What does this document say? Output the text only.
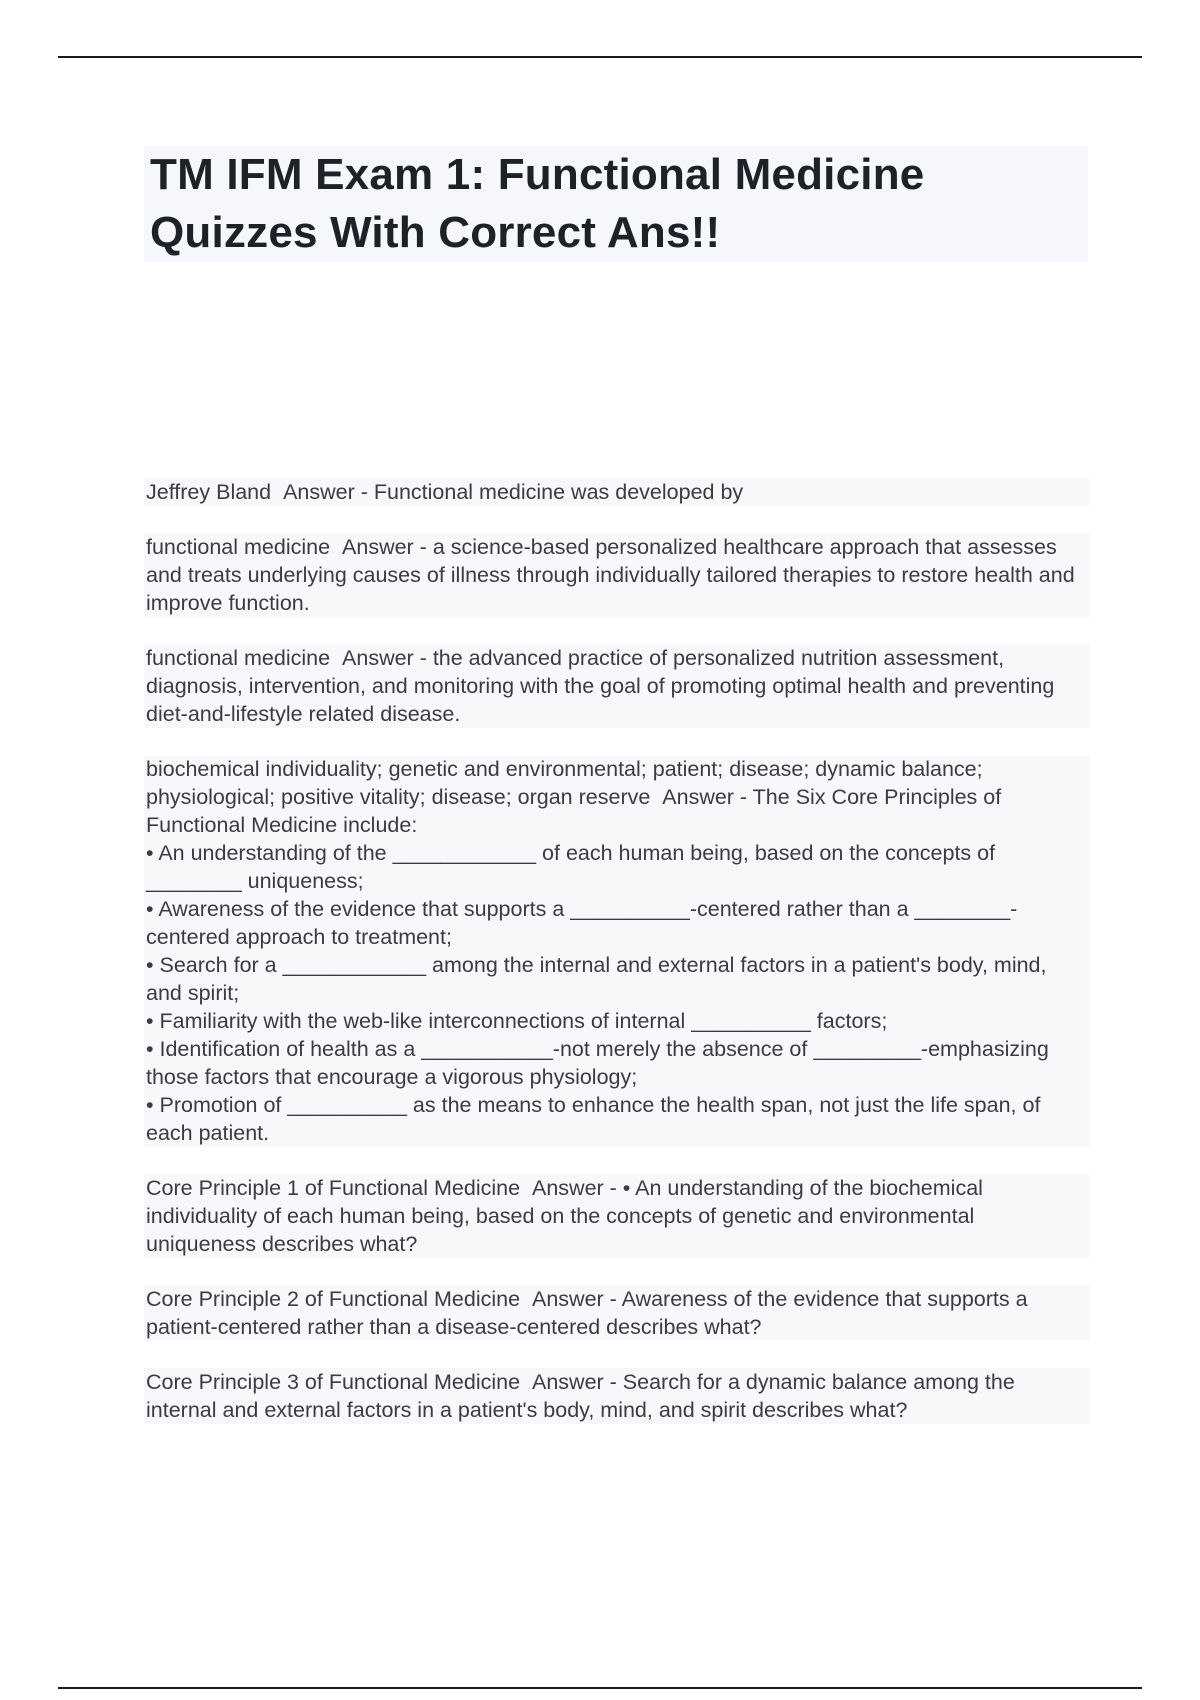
TM IFM Exam 1: Functional Medicine
Quizzes With Correct Ans!!

Jeffrey Bland Answer - Functional medicine was developed by

functional medicine Answer - a science-based personalized healthcare approach that assesses and treats underlying causes of illness through individually tailored therapies to restore health and improve function.

functional medicine Answer - the advanced practice of personalized nutrition assessment, diagnosis, intervention, and monitoring with the goal of promoting optimal health and preventing diet-and-lifestyle related disease.

biochemical individuality; genetic and environmental; patient; disease; dynamic balance; physiological; positive vitality; disease; organ reserve Answer - The Six Core Principles of Functional Medicine include:
• An understanding of the ____________ of each human being, based on the concepts of ________ uniqueness;
• Awareness of the evidence that supports a __________-centered rather than a ________-centered approach to treatment;
• Search for a ____________ among the internal and external factors in a patient's body, mind, and spirit;
• Familiarity with the web-like interconnections of internal __________ factors;
• Identification of health as a ___________-not merely the absence of _________-emphasizing those factors that encourage a vigorous physiology;
• Promotion of __________ as the means to enhance the health span, not just the life span, of each patient.

Core Principle 1 of Functional Medicine Answer - • An understanding of the biochemical individuality of each human being, based on the concepts of genetic and environmental uniqueness describes what?

Core Principle 2 of Functional Medicine Answer - Awareness of the evidence that supports a patient-centered rather than a disease-centered describes what?

Core Principle 3 of Functional Medicine Answer - Search for a dynamic balance among the internal and external factors in a patient's body, mind, and spirit describes what?
